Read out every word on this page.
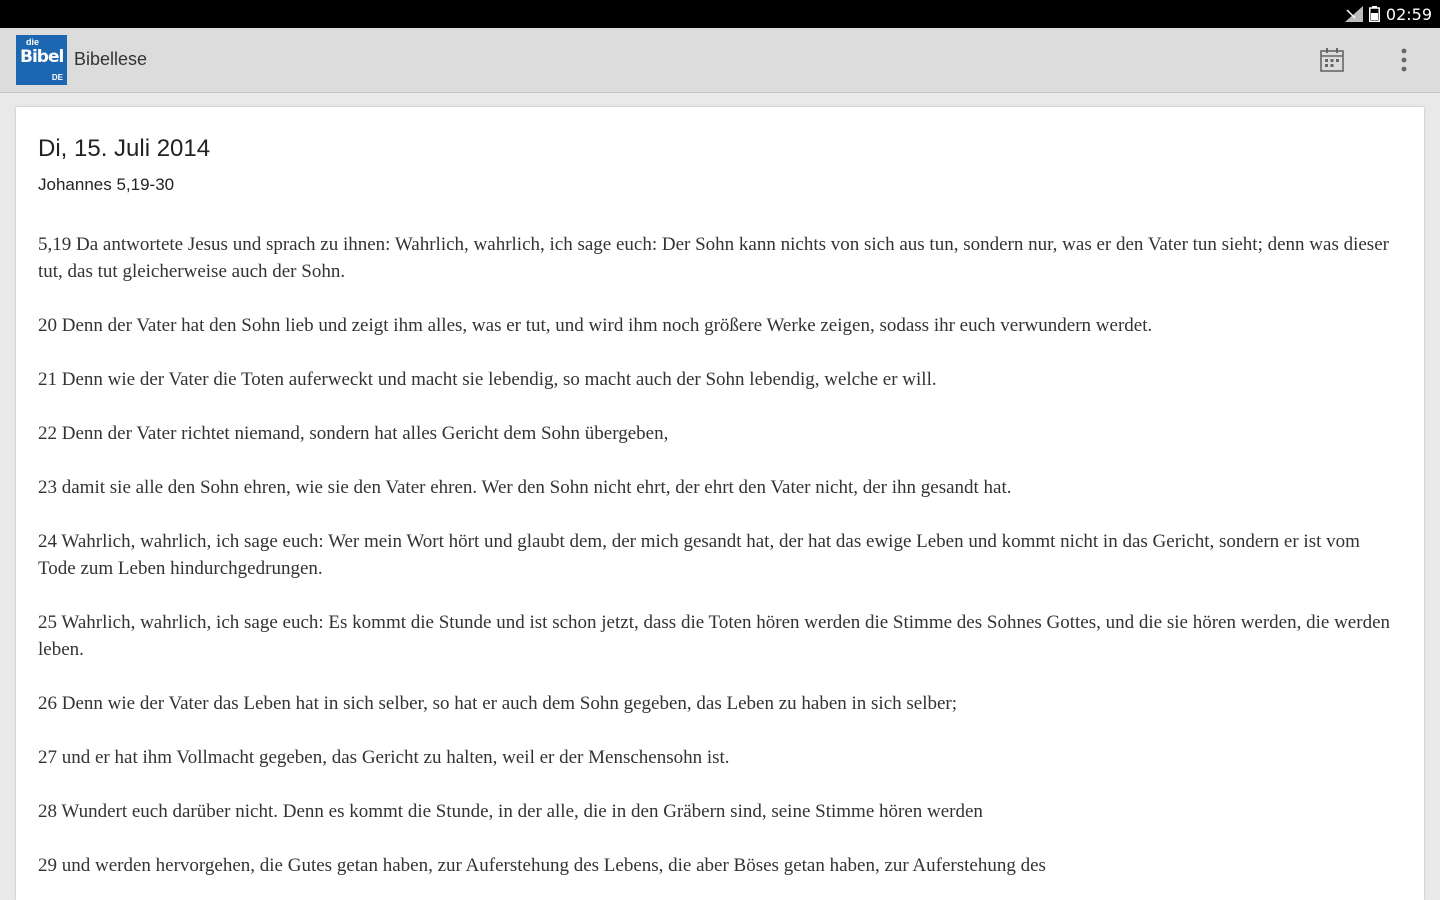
02:59
die
Bibel
DE
Bibellese
Di, 15. Juli 2014
Johannes 5,19-30

5,19 Da antwortete Jesus und sprach zu ihnen: Wahrlich, wahrlich, ich sage euch: Der Sohn kann nichts von sich aus tun, sondern nur, was er den Vater tun sieht; denn was dieser tut, das tut gleicherweise auch der Sohn.

20 Denn der Vater hat den Sohn lieb und zeigt ihm alles, was er tut, und wird ihm noch größere Werke zeigen, sodass ihr euch verwundern werdet.

21 Denn wie der Vater die Toten auferweckt und macht sie lebendig, so macht auch der Sohn lebendig, welche er will.

22 Denn der Vater richtet niemand, sondern hat alles Gericht dem Sohn übergeben,

23 damit sie alle den Sohn ehren, wie sie den Vater ehren. Wer den Sohn nicht ehrt, der ehrt den Vater nicht, der ihn gesandt hat.

24 Wahrlich, wahrlich, ich sage euch: Wer mein Wort hört und glaubt dem, der mich gesandt hat, der hat das ewige Leben und kommt nicht in das Gericht, sondern er ist vom Tode zum Leben hindurchgedrungen.

25 Wahrlich, wahrlich, ich sage euch: Es kommt die Stunde und ist schon jetzt, dass die Toten hören werden die Stimme des Sohnes Gottes, und die sie hören werden, die werden leben.

26 Denn wie der Vater das Leben hat in sich selber, so hat er auch dem Sohn gegeben, das Leben zu haben in sich selber;

27 und er hat ihm Vollmacht gegeben, das Gericht zu halten, weil er der Menschensohn ist.

28 Wundert euch darüber nicht. Denn es kommt die Stunde, in der alle, die in den Gräbern sind, seine Stimme hören werden

29 und werden hervorgehen, die Gutes getan haben, zur Auferstehung des Lebens, die aber Böses getan haben, zur Auferstehung des
